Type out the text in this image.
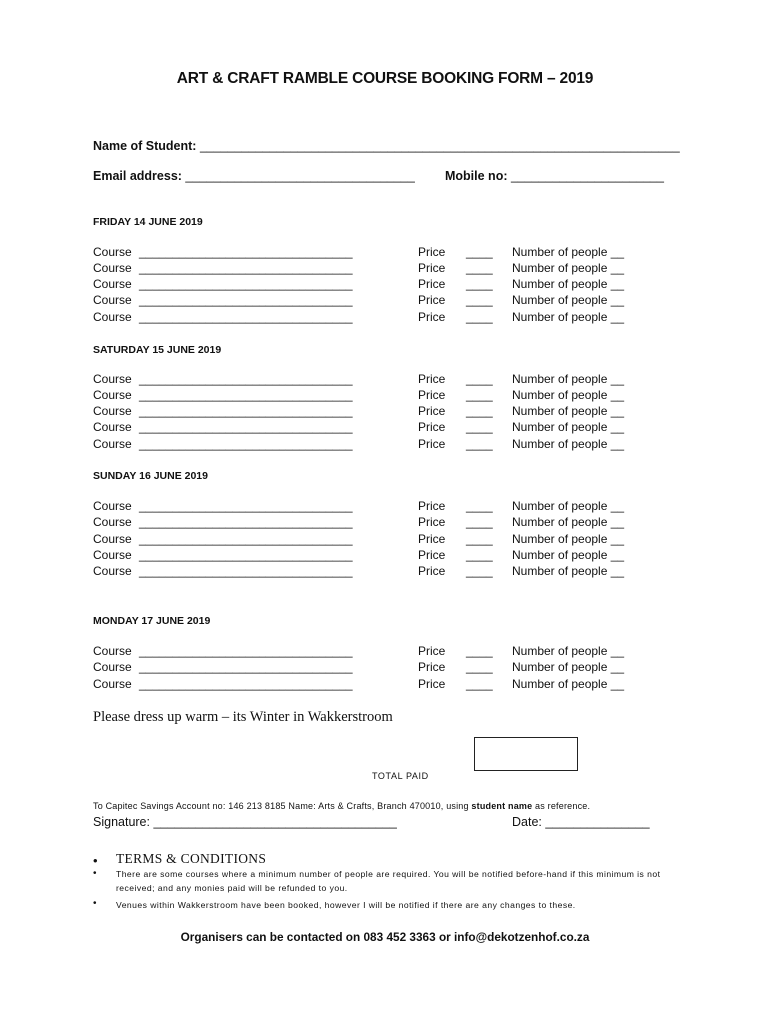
ART & CRAFT RAMBLE COURSE BOOKING FORM – 2019
Name of Student: _____________________________________________________________________
Email address: _________________________________ Mobile no: ______________________
FRIDAY 14 JUNE 2019
Course ________________________________	Price ____ Number of people __
Course ________________________________	Price ____ Number of people __
Course ________________________________	Price ____ Number of people __
Course ________________________________	Price ____ Number of people __
Course ________________________________	Price ____ Number of people __
SATURDAY 15 JUNE 2019
Course ________________________________	Price ____ Number of people __
Course ________________________________	Price ____ Number of people __
Course ________________________________	Price ____ Number of people __
Course ________________________________	Price ____ Number of people __
Course ________________________________	Price ____ Number of people __
SUNDAY 16 JUNE 2019
Course ________________________________	Price ____ Number of people __
Course ________________________________	Price ____ Number of people __
Course ________________________________	Price ____ Number of people __
Course ________________________________	Price ____ Number of people __
Course ________________________________	Price ____ Number of people __
MONDAY 17 JUNE 2019
Course ________________________________	Price ____ Number of people __
Course ________________________________	Price ____ Number of people __
Course ________________________________	Price ____ Number of people __
Please dress up warm – its Winter in Wakkerstroom
TOTAL PAID
To Capitec Savings Account no: 146 213 8185 Name: Arts & Crafts, Branch 470010, using student name as reference.
Signature: ___________________________________	Date: _______________
• TERMS & CONDITIONS
• There are some courses where a minimum number of people are required. You will be notified before-hand if this minimum is not received; and any monies paid will be refunded to you.
• Venues within Wakkerstroom have been booked, however I will be notified if there are any changes to these.
Organisers can be contacted on 083 452 3363 or info@dekotzenhof.co.za
